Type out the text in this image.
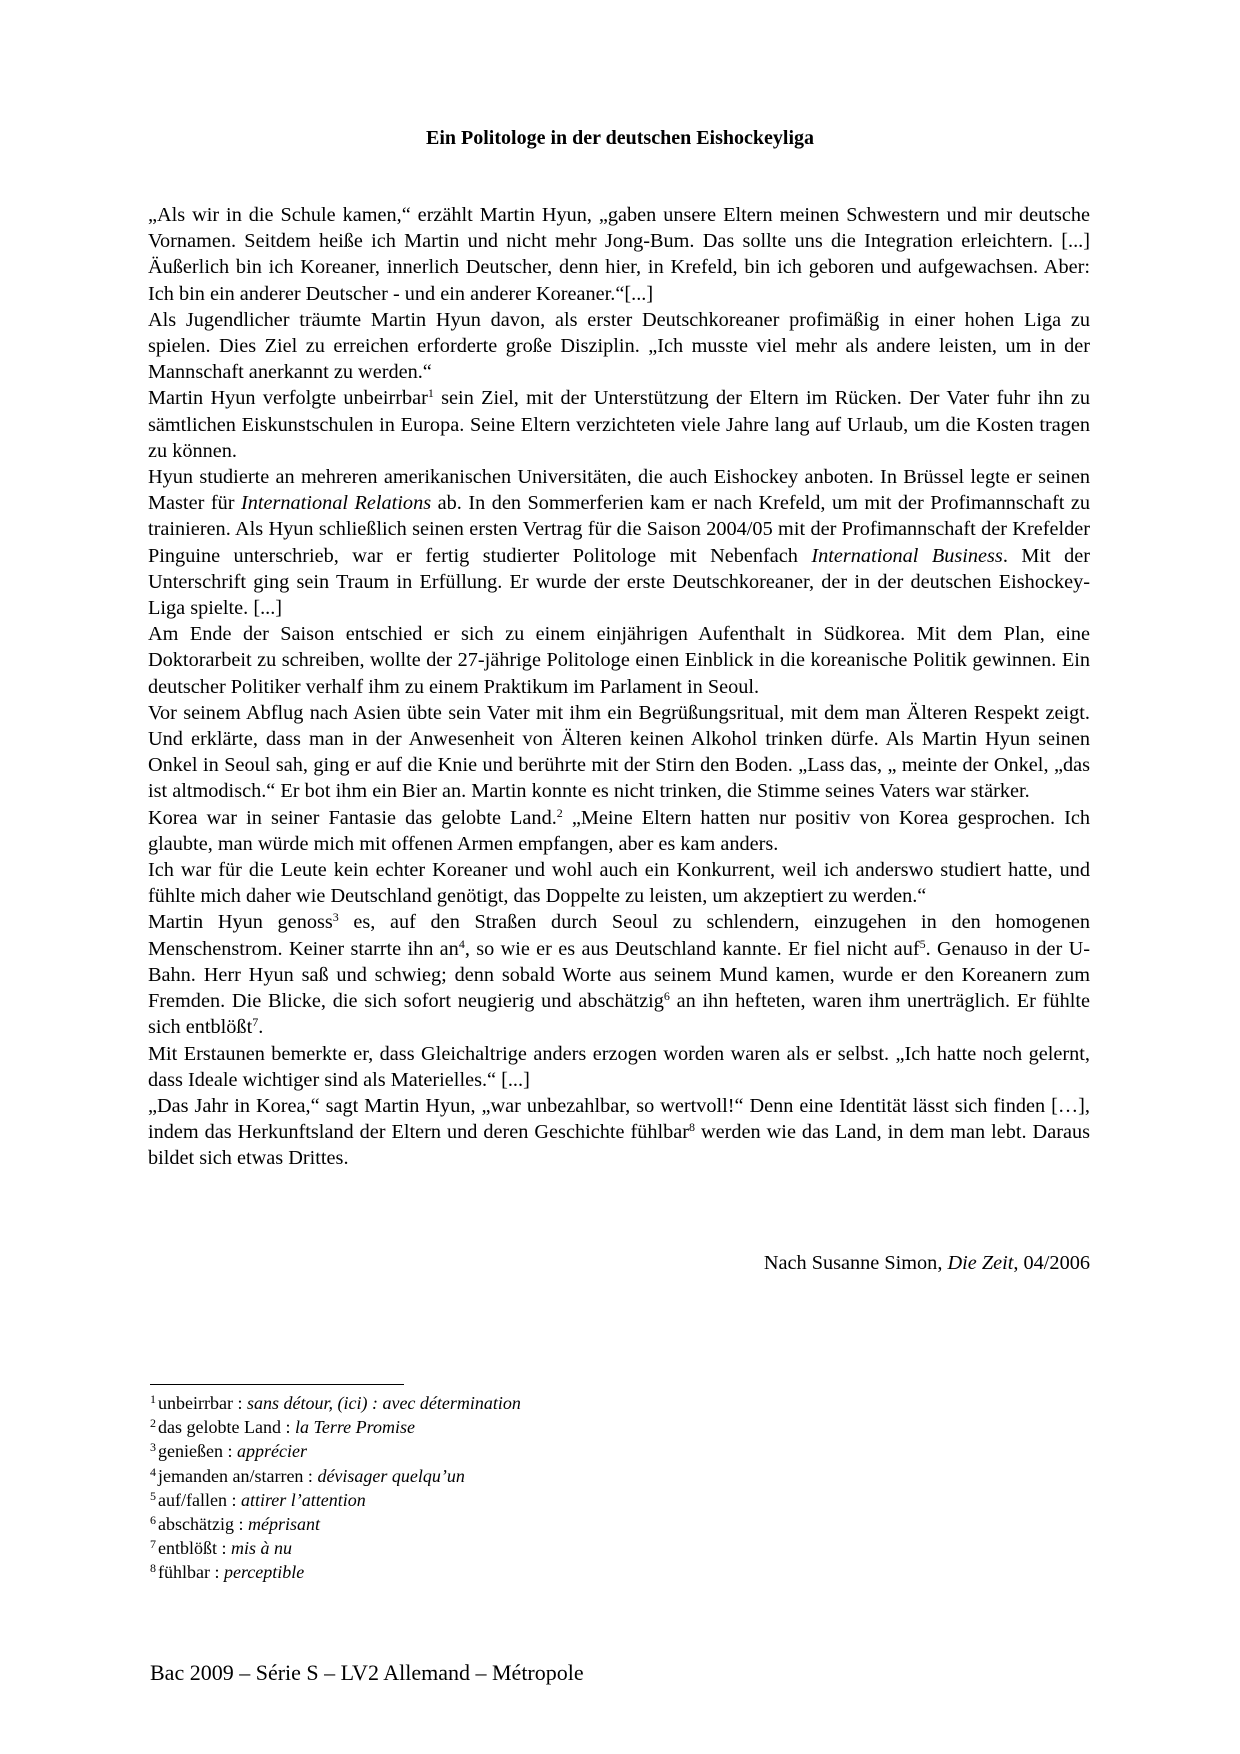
Ein Politologe in der deutschen Eishockeyliga

„Als wir in die Schule kamen,“ erzählt Martin Hyun, „gaben unsere Eltern meinen Schwestern und mir deutsche Vornamen. Seitdem heiße ich Martin und nicht mehr Jong-Bum. Das sollte uns die Integration erleichtern. [...] Äußerlich bin ich Koreaner, innerlich Deutscher, denn hier, in Krefeld, bin ich geboren und aufgewachsen. Aber: Ich bin ein anderer Deutscher - und ein anderer Koreaner.“[...]

Als Jugendlicher träumte Martin Hyun davon, als erster Deutschkoreaner profimäßig in einer hohen Liga zu spielen. Dies Ziel zu erreichen erforderte große Disziplin. „Ich musste viel mehr als andere leisten, um in der Mannschaft anerkannt zu werden.“

Martin Hyun verfolgte unbeirrbar$^1$ sein Ziel, mit der Unterstützung der Eltern im Rücken. Der Vater fuhr ihn zu sämtlichen Eiskunstschulen in Europa. Seine Eltern verzichteten viele Jahre lang auf Urlaub, um die Kosten tragen zu können.

Hyun studierte an mehreren amerikanischen Universitäten, die auch Eishockey anboten. In Brüssel legte er seinen Master für International Relations ab. In den Sommerferien kam er nach Krefeld, um mit der Profimannschaft zu trainieren. Als Hyun schließlich seinen ersten Vertrag für die Saison 2004/05 mit der Profimannschaft der Krefelder Pinguine unterschrieb, war er fertig studierter Politologe mit Nebenfach International Business. Mit der Unterschrift ging sein Traum in Erfüllung. Er wurde der erste Deutschkoreaner, der in der deutschen Eishockey-Liga spielte. [...]

Am Ende der Saison entschied er sich zu einem einjährigen Aufenthalt in Südkorea. Mit dem Plan, eine Doktorarbeit zu schreiben, wollte der 27-jährige Politologe einen Einblick in die koreanische Politik gewinnen. Ein deutscher Politiker verhalf ihm zu einem Praktikum im Parlament in Seoul.

Vor seinem Abflug nach Asien übte sein Vater mit ihm ein Begrüßungsritual, mit dem man Älteren Respekt zeigt. Und erklärte, dass man in der Anwesenheit von Älteren keinen Alkohol trinken dürfe. Als Martin Hyun seinen Onkel in Seoul sah, ging er auf die Knie und berührte mit der Stirn den Boden. „Lass das, „ meinte der Onkel, „das ist altmodisch.“ Er bot ihm ein Bier an. Martin konnte es nicht trinken, die Stimme seines Vaters war stärker.

Korea war in seiner Fantasie das gelobte Land.$^2$ „Meine Eltern hatten nur positiv von Korea gesprochen. Ich glaubte, man würde mich mit offenen Armen empfangen, aber es kam anders.

Ich war für die Leute kein echter Koreaner und wohl auch ein Konkurrent, weil ich anderswo studiert hatte, und fühlte mich daher wie Deutschland genötigt, das Doppelte zu leisten, um akzeptiert zu werden.“

Martin Hyun genoss$^3$ es, auf den Straßen durch Seoul zu schlendern, einzugehen in den homogenen Menschenstrom. Keiner starrte ihn $an^4$, so wie er es aus Deutschland kannte. Er fiel nicht auf$^5$. Genauso in der U-Bahn. Herr Hyun saß und schwieg; denn sobald Worte aus seinem Mund kamen, wurde er den Koreanern zum Fremden. Die Blicke, die sich sofort neugierig und abschätzig$^6$ an ihn hefteten, waren ihm unerträglich. Er fühlte sich entblößt$^7$.

Mit Erstaunen bemerkte er, dass Gleichaltrige anders erzogen worden waren als er selbst. „Ich hatte noch gelernt, dass Ideale wichtiger sind als Materielles.“ [...]

„Das Jahr in Korea,“ sagt Martin Hyun, „war unbezahlbar, so wertvoll!“ Denn eine Identität lässt sich finden […], indem das Herkunftsland der Eltern und deren Geschichte fühlbar$^8$ werden wie das Land, in dem man lebt. Daraus bildet sich etwas Drittes.

Nach Susanne Simon, Die Zeit, 04/2006
$^1$ unbeirrbar : sans détour, (ici) : avec détermination
$^2$ das gelobte Land : la Terre Promise
$^3$ genießen : apprécier
$^4$ jemanden an/starren : dévisager quelqu’un
$^5$ auf/fallen : attirer l’attention
$^6$ abschätzig : méprisant
$^7$ entblößt : mis à nu
$^8$ fühlbar : perceptible
Bac 2009 – Série S – LV2 Allemand – Métropole
